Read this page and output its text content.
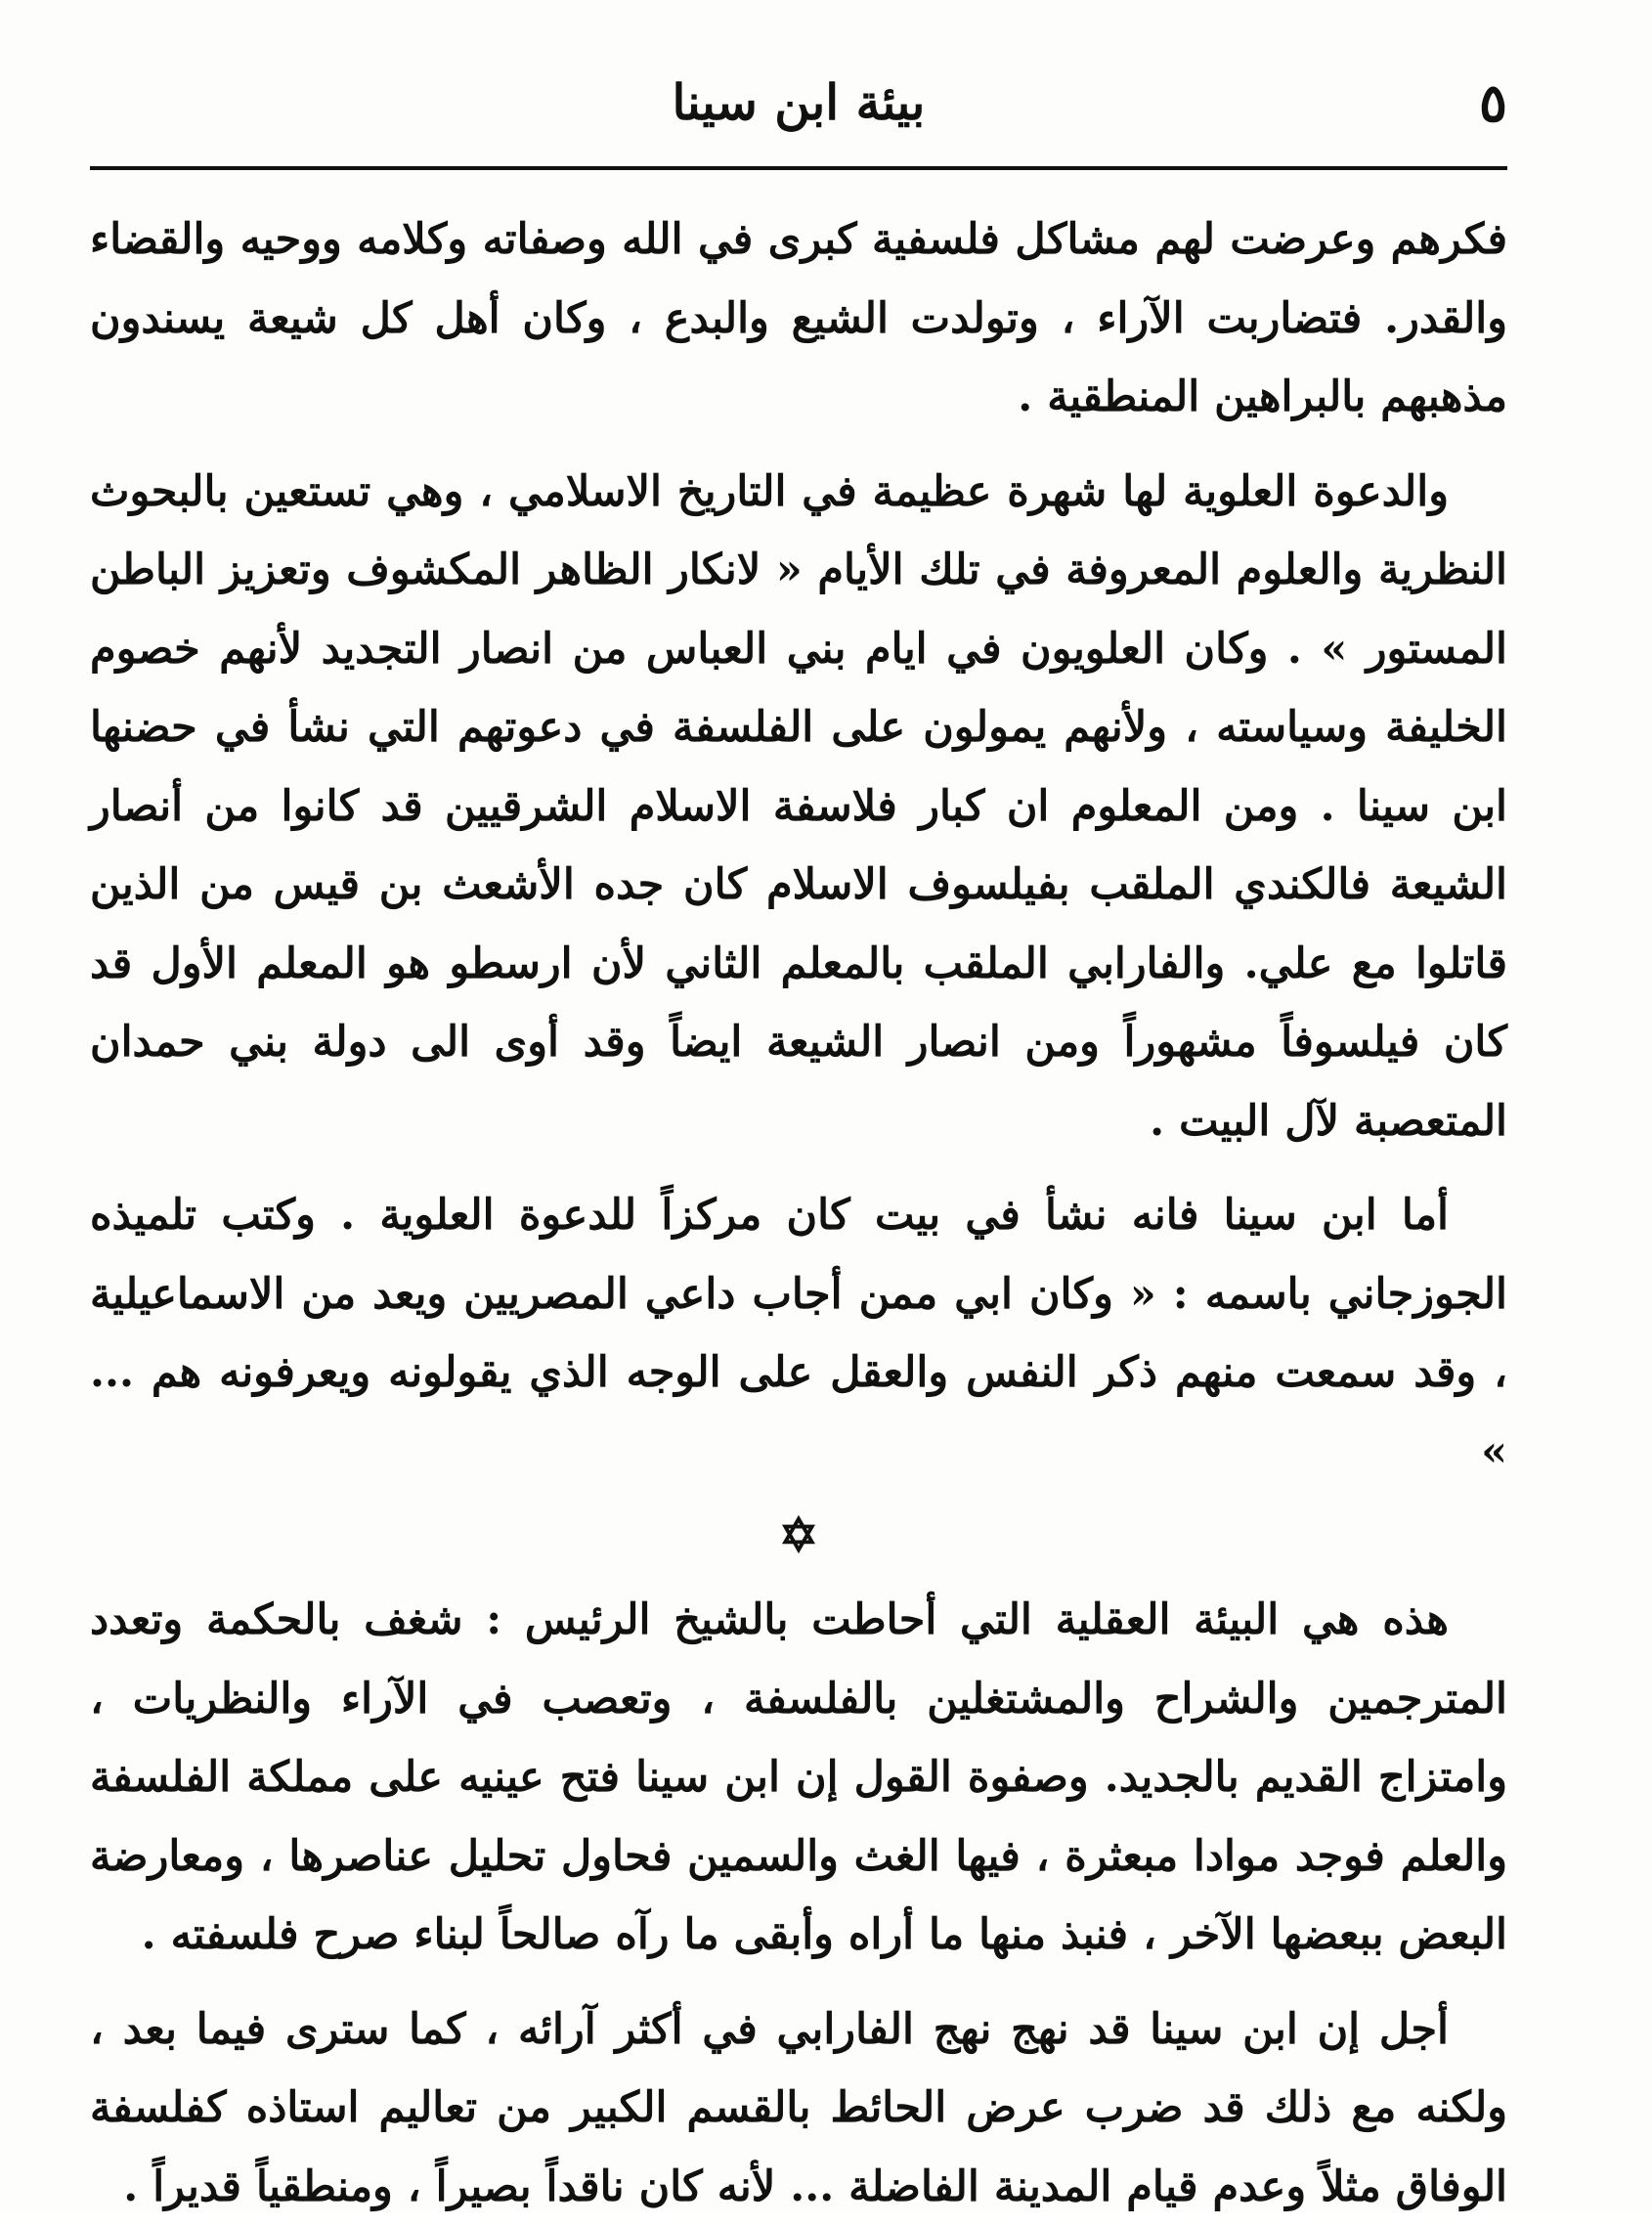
٥
بيئة ابن سينا

فكرهم وعرضت لهم مشاكل فلسفية كبرى في الله وصفاته وكلامه ووحيه والقضاء والقدر. فتضاربت الآراء ، وتولدت الشيع والبدع ، وكان أهل كل شيعة يسندون مذهبهم بالبراهين المنطقية .

والدعوة العلوية لها شهرة عظيمة في التاريخ الاسلامي ، وهي تستعين بالبحوث النظرية والعلوم المعروفة في تلك الأيام « لانكار الظاهر المكشوف وتعزيز الباطن المستور » . وكان العلويون في ايام بني العباس من انصار التجديد لأنهم خصوم الخليفة وسياسته ، ولأنهم يمولون على الفلسفة في دعوتهم التي نشأ في حضنها ابن سينا . ومن المعلوم ان كبار فلاسفة الاسلام الشرقيين قد كانوا من أنصار الشيعة فالكندي الملقب بفيلسوف الاسلام كان جده الأشعث بن قيس من الذين قاتلوا مع علي. والفارابي الملقب بالمعلم الثاني لأن ارسطو هو المعلم الأول قد كان فيلسوفاً مشهوراً ومن انصار الشيعة ايضاً وقد أوى الى دولة بني حمدان المتعصبة لآل البيت .

أما ابن سينا فانه نشأ في بيت كان مركزاً للدعوة العلوية . وكتب تلميذه الجوزجاني باسمه : « وكان ابي ممن أجاب داعي المصريين ويعد من الاسماعيلية ، وقد سمعت منهم ذكر النفس والعقل على الوجه الذي يقولونه ويعرفونه هم ... »

✡

هذه هي البيئة العقلية التي أحاطت بالشيخ الرئيس : شغف بالحكمة وتعدد المترجمين والشراح والمشتغلين بالفلسفة ، وتعصب في الآراء والنظريات ، وامتزاج القديم بالجديد. وصفوة القول إن ابن سينا فتح عينيه على مملكة الفلسفة والعلم فوجد موادا مبعثرة ، فيها الغث والسمين فحاول تحليل عناصرها ، ومعارضة البعض ببعضها الآخر ، فنبذ منها ما أراه وأبقى ما رآه صالحاً لبناء صرح فلسفته .

أجل إن ابن سينا قد نهج نهج الفارابي في أكثر آرائه ، كما سترى فيما بعد ، ولكنه مع ذلك قد ضرب عرض الحائط بالقسم الكبير من تعاليم استاذه كفلسفة الوفاق مثلاً وعدم قيام المدينة الفاضلة ... لأنه كان ناقداً بصيراً ، ومنطقياً قديراً .
